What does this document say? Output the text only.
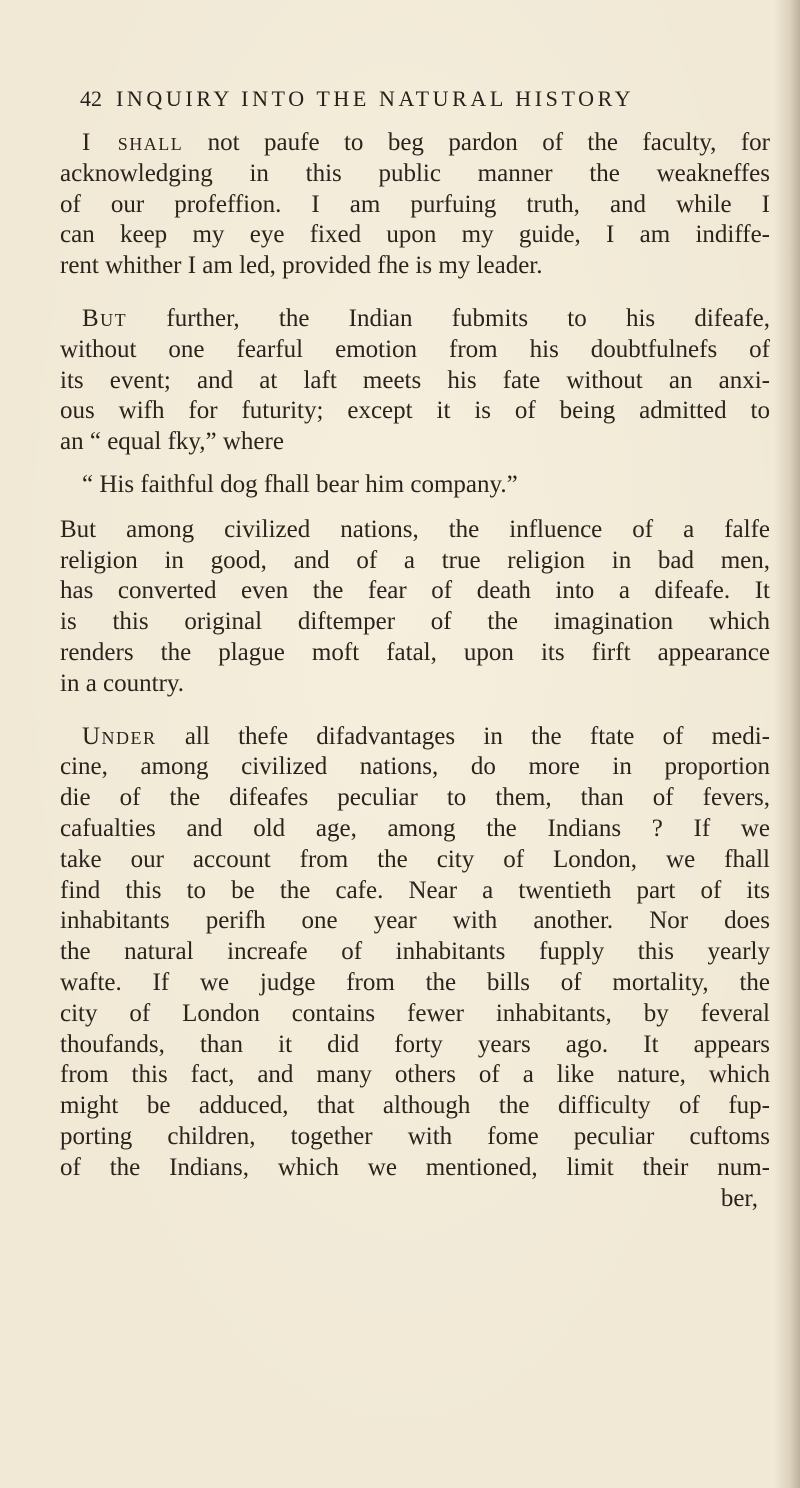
42 INQUIRY INTO THE NATURAL HISTORY
I shall not paufe to beg pardon of the faculty, for
acknowledging in this public manner the weakneffes
of our profeffion. I am purfuing truth, and while I
can keep my eye fixed upon my guide, I am indiffe-
rent whither I am led, provided fhe is my leader.
But further, the Indian fubmits to his difeafe,
without one fearful emotion from his doubtfulnefs of
its event; and at laft meets his fate without an anxi-
ous wifh for futurity; except it is of being admitted to
an “ equal fky,” where
“ His faithful dog fhall bear him company.”
But among civilized nations, the influence of a falfe
religion in good, and of a true religion in bad men,
has converted even the fear of death into a difeafe. It
is this original diftemper of the imagination which
renders the plague moft fatal, upon its firft appearance
in a country.
Under all thefe difadvantages in the ftate of medi-
cine, among civilized nations, do more in proportion
die of the difeafes peculiar to them, than of fevers,
cafualties and old age, among the Indians ? If we
take our account from the city of London, we fhall
find this to be the cafe. Near a twentieth part of its
inhabitants perifh one year with another. Nor does
the natural increafe of inhabitants fupply this yearly
wafte. If we judge from the bills of mortality, the
city of London contains fewer inhabitants, by feveral
thoufands, than it did forty years ago. It appears
from this fact, and many others of a like nature, which
might be adduced, that although the difficulty of fup-
porting children, together with fome peculiar cuftoms
of the Indians, which we mentioned, limit their num-
ber,
